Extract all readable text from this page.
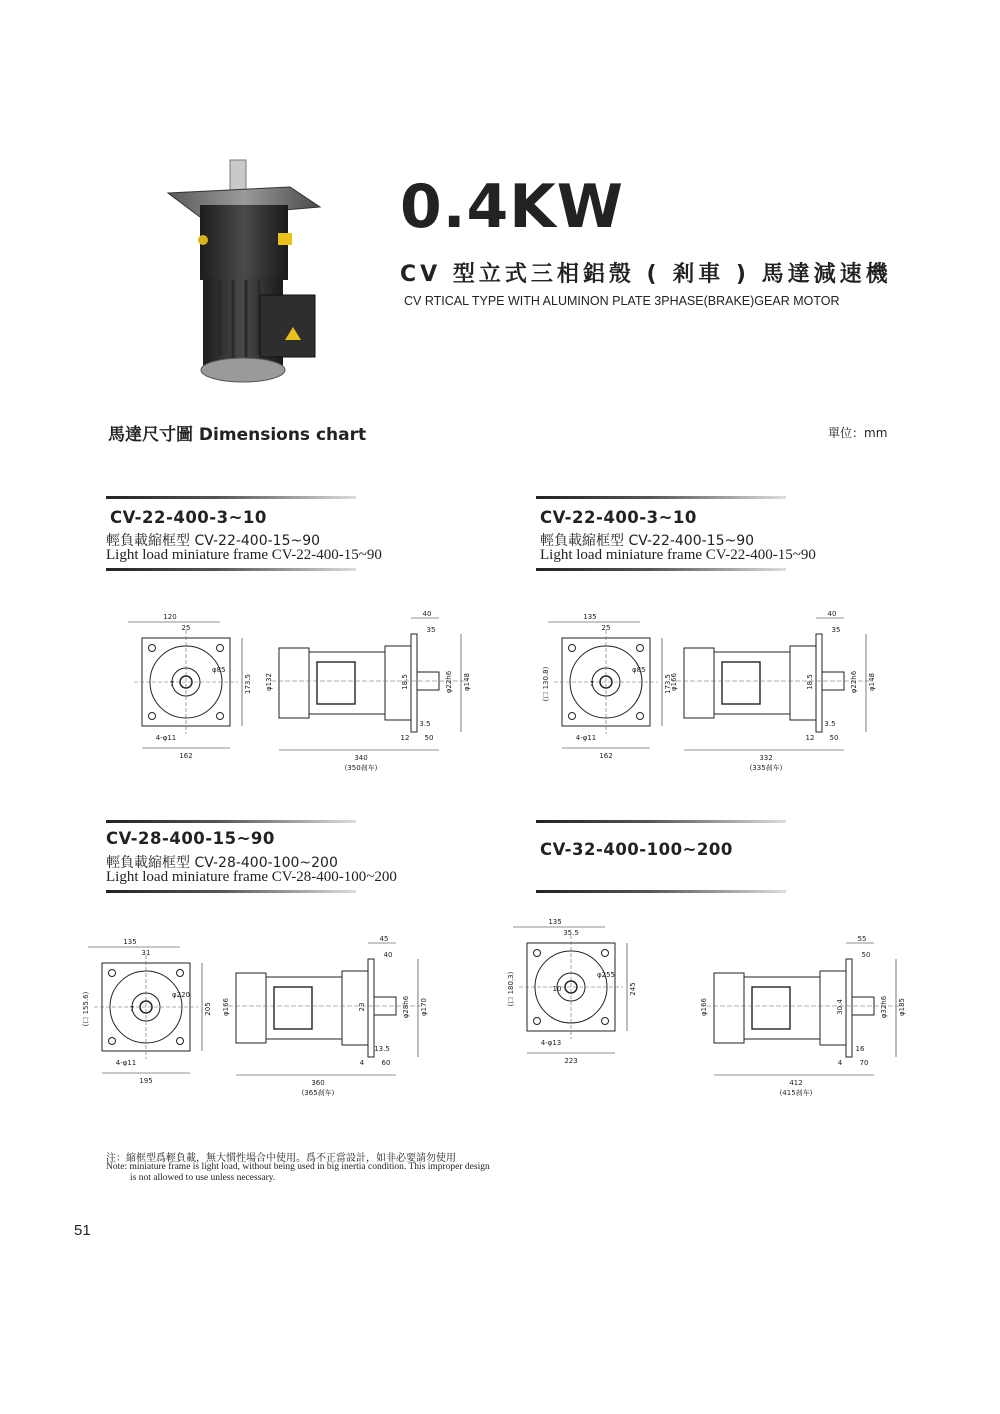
0.4KW
CV 型立式三相鋁殼 ( 剎車 ) 馬達減速機
CV RTICAL TYPE WITH ALUMINON PLATE 3PHASE(BRAKE)GEAR MOTOR
馬達尺寸圖 Dimensions chart	單位：mm
CV-22-400-3~10
輕負載縮框型 CV-22-400-15~90
Light load miniature frame CV-22-400-15~90
CV-22-400-3~10
輕負載縮框型 CV-22-400-15~90
Light load miniature frame CV-22-400-15~90
CV-28-400-15~90
輕負載縮框型 CV-28-400-100~200
Light load miniature frame CV-28-400-100~200
CV-32-400-100~200
120
25
φ85
4-φ11
162
173.5
7	φ132
40
35
18.5	φ22h6 φ148
3.5
12 50
340
(350刹车)
135
25
φ85
4-φ11
162
173.5
7
(口 130.8)	φ166
40
35
18.5	φ22h6 φ148
3.5
12 50
332
(335刹车)
135
31
φ220
4-φ11
195
205
7
(口 155.6)	φ166
45
40
23	φ28h6 φ170
13.5
4 60
360
(365刹车)
135
35.5
φ255
4-φ13
223
245
10
(口 180.3)
φ166
55
50
30.4	φ32h6 φ185
16
4 70
412
(415刹车)
注：縮框型爲輕負載，無大慣性場合中使用。爲不正當設計，如非必要請勿使用
Note: miniature frame is light load, without being used in big inertia condition. This improper design
is not allowed to use unless necessary.
51
